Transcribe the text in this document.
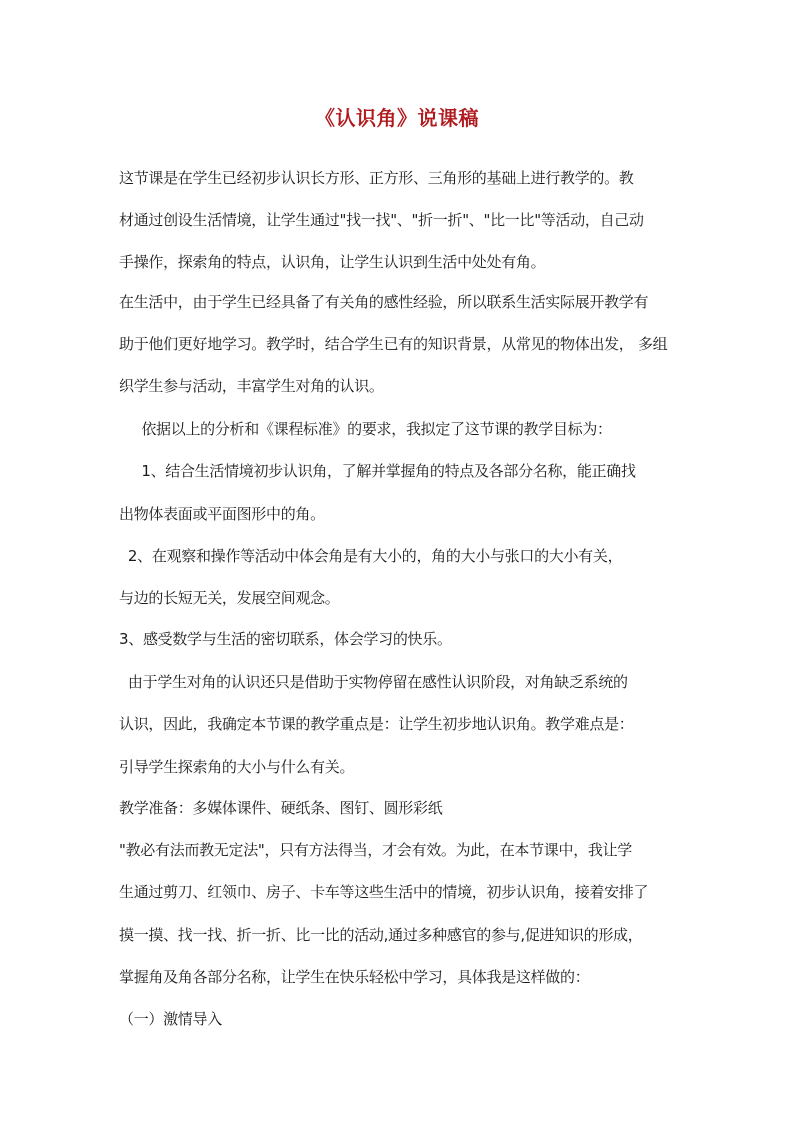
《认识角》说课稿
这节课是在学生已经初步认识长方形、正方形、三角形的基础上进行教学的。教
材通过创设生活情境，让学生通过"找一找"、"折一折"、"比一比"等活动，自己动
手操作，探索角的特点，认识角，让学生认识到生活中处处有角。
在生活中，由于学生已经具备了有关角的感性经验，所以联系生活实际展开教学有
助于他们更好地学习。教学时，结合学生已有的知识背景，从常见的物体出发， 多组
织学生参与活动，丰富学生对角的认识。
依据以上的分析和《课程标准》的要求，我拟定了这节课的教学目标为：
1、结合生活情境初步认识角，了解并掌握角的特点及各部分名称，能正确找
出物体表面或平面图形中的角。
2、在观察和操作等活动中体会角是有大小的，角的大小与张口的大小有关，
与边的长短无关，发展空间观念。
3、感受数学与生活的密切联系，体会学习的快乐。
由于学生对角的认识还只是借助于实物停留在感性认识阶段，对角缺乏系统的
认识，因此，我确定本节课的教学重点是：让学生初步地认识角。教学难点是：
引导学生探索角的大小与什么有关。
教学准备：多媒体课件、硬纸条、图钉、圆形彩纸
"教必有法而教无定法"，只有方法得当，才会有效。为此，在本节课中，我让学
生通过剪刀、红领巾、房子、卡车等这些生活中的情境，初步认识角，接着安排了
摸一摸、找一找、折一折、比一比的活动,通过多种感官的参与,促进知识的形成，
掌握角及角各部分名称，让学生在快乐轻松中学习，具体我是这样做的：
（一）激情导入
